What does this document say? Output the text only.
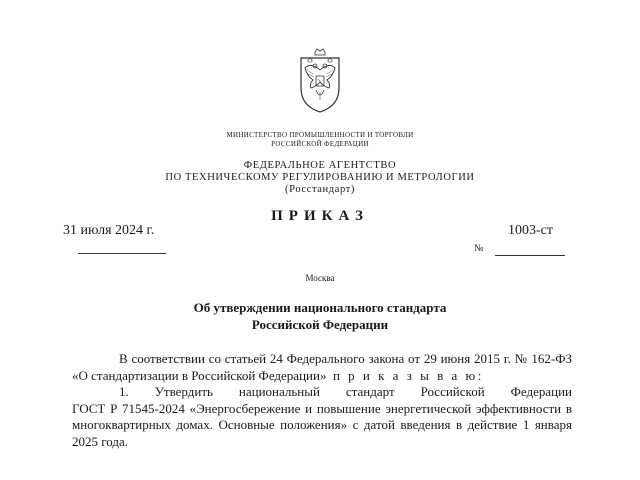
МИНИСТЕРСТВО ПРОМЫШЛЕННОСТИ И ТОРГОВЛИ
РОССИЙСКОЙ ФЕДЕРАЦИИ
ФЕДЕРАЛЬНОЕ АГЕНТСТВО
ПО ТЕХНИЧЕСКОМУ РЕГУЛИРОВАНИЮ И МЕТРОЛОГИИ
(Росстандарт)
ПРИКАЗ
31 июля 2024 г.	1003-ст
№
Москва
Об утверждении национального стандарта
Российской Федерации

В соответствии со статьей 24 Федерального закона от 29 июня 2015 г. № 162-ФЗ «О стандартизации в Российской Федерации» п р и к а з ы в а ю:

1. Утвердить национальный стандарт Российской Федерации
ГОСТ Р 71545-2024 «Энергосбережение и повышение энергетической эффективности в многоквартирных домах. Основные положения» с датой введения в действие 1 января 2025 года.
